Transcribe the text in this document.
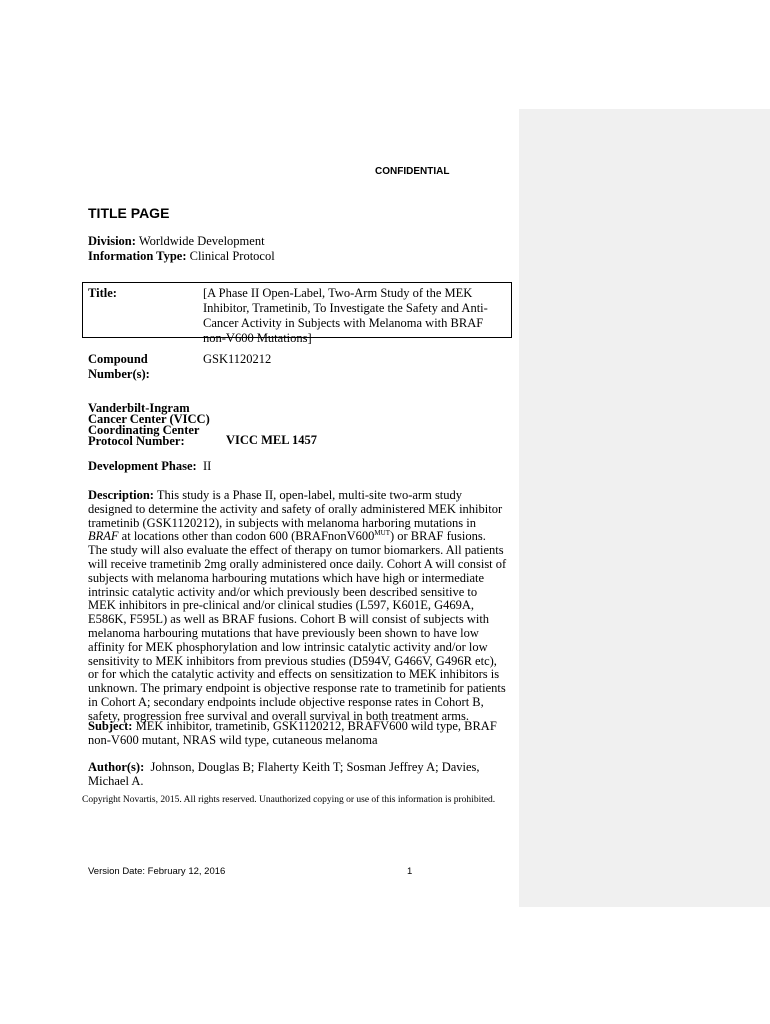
CONFIDENTIAL
TITLE PAGE
Division: Worldwide Development
Information Type: Clinical Protocol
Title:	[A Phase II Open-Label, Two-Arm Study of the MEK Inhibitor, Trametinib, To Investigate the Safety and Anti-Cancer Activity in Subjects with Melanoma with BRAF non-V600 Mutations]
Compound Number(s):
GSK1120212
Vanderbilt-Ingram Cancer Center (VICC) Coordinating Center Protocol Number:	VICC MEL 1457
Development Phase: II
Description: This study is a Phase II, open-label, multi-site two-arm study designed to determine the activity and safety of orally administered MEK inhibitor trametinib (GSK1120212), in subjects with melanoma harboring mutations in BRAF at locations other than codon 600 $(BRAFnonV600^{MUT})$ or BRAF fusions. The study will also evaluate the effect of therapy on tumor biomarkers. All patients will receive trametinib 2mg orally administered once daily. Cohort A will consist of subjects with melanoma harbouring mutations which have high or intermediate intrinsic catalytic activity and/or which previously been described sensitive to MEK inhibitors in pre-clinical and/or clinical studies (L597, K601E, G469A, E586K, F595L) as well as BRAF fusions. Cohort B will consist of subjects with melanoma harbouring mutations that have previously been shown to have low affinity for MEK phosphorylation and low intrinsic catalytic activity and/or low sensitivity to MEK inhibitors from previous studies (D594V, G466V, G496R etc), or for which the catalytic activity and effects on sensitization to MEK inhibitors is unknown. The primary endpoint is objective response rate to trametinib for patients in Cohort A; secondary endpoints include objective response rates in Cohort B, safety, progression free survival and overall survival in both treatment arms.
Subject: MEK inhibitor, trametinib, GSK1120212, BRAFV600 wild type, BRAF non-V600 mutant, NRAS wild type, cutaneous melanoma
Author(s): Johnson, Douglas B; Flaherty Keith T; Sosman Jeffrey A; Davies, Michael A.
Copyright Novartis, 2015. All rights reserved. Unauthorized copying or use of this information is prohibited.
Version Date: February 12, 2016	1
